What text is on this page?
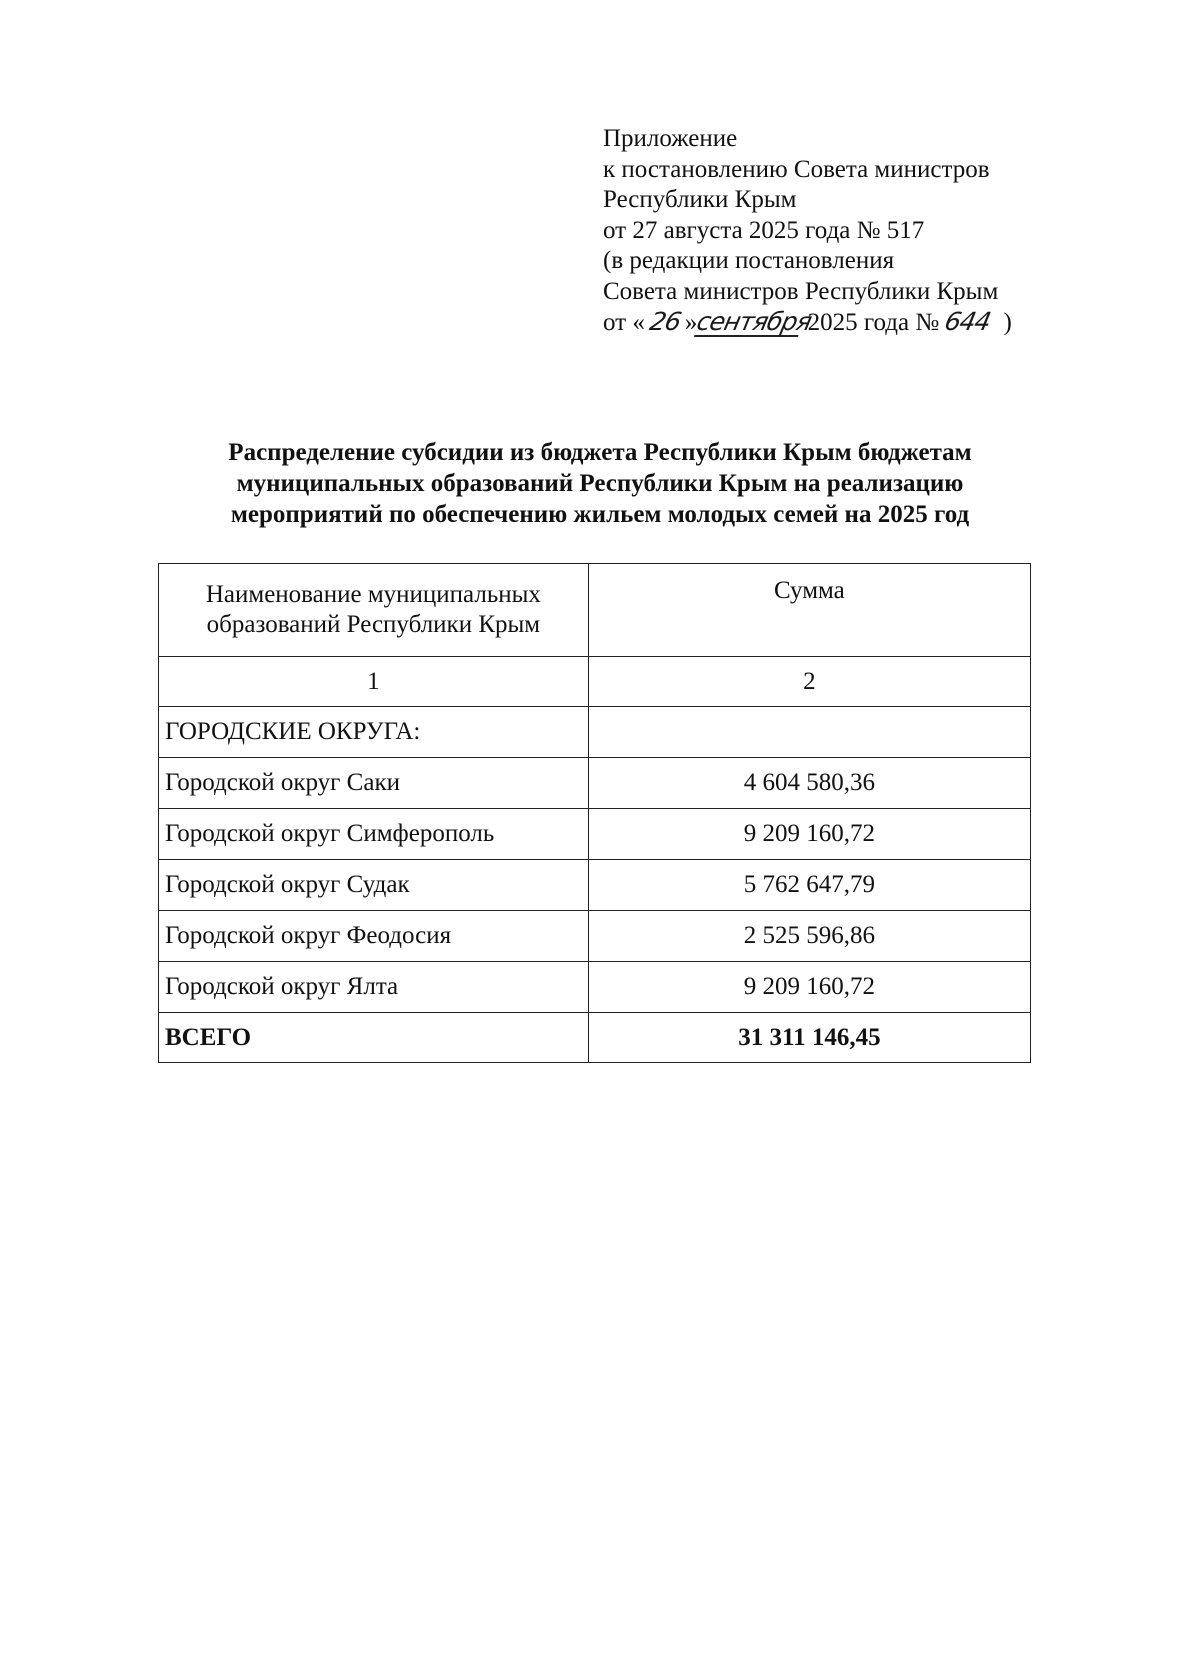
Приложение
к постановлению Совета министров
Республики Крым
от 27 августа 2025 года № 517
(в редакции постановления
Совета министров Республики Крым
от «26»сентября 2025 года № 644 )
Распределение субсидии из бюджета Республики Крым бюджетам
муниципальных образований Республики Крым на реализацию
мероприятий по обеспечению жильем молодых семей на 2025 год
Наименование муниципальных
образований Республики Крым	Сумма
1	2
ГОРОДСКИЕ ОКРУГА:	
Городской округ Саки	4 604 580,36
Городской округ Симферополь	9 209 160,72
Городской округ Судак	5 762 647,79
Городской округ Феодосия	2 525 596,86
Городской округ Ялта	9 209 160,72
ВСЕГО	31 311 146,45
